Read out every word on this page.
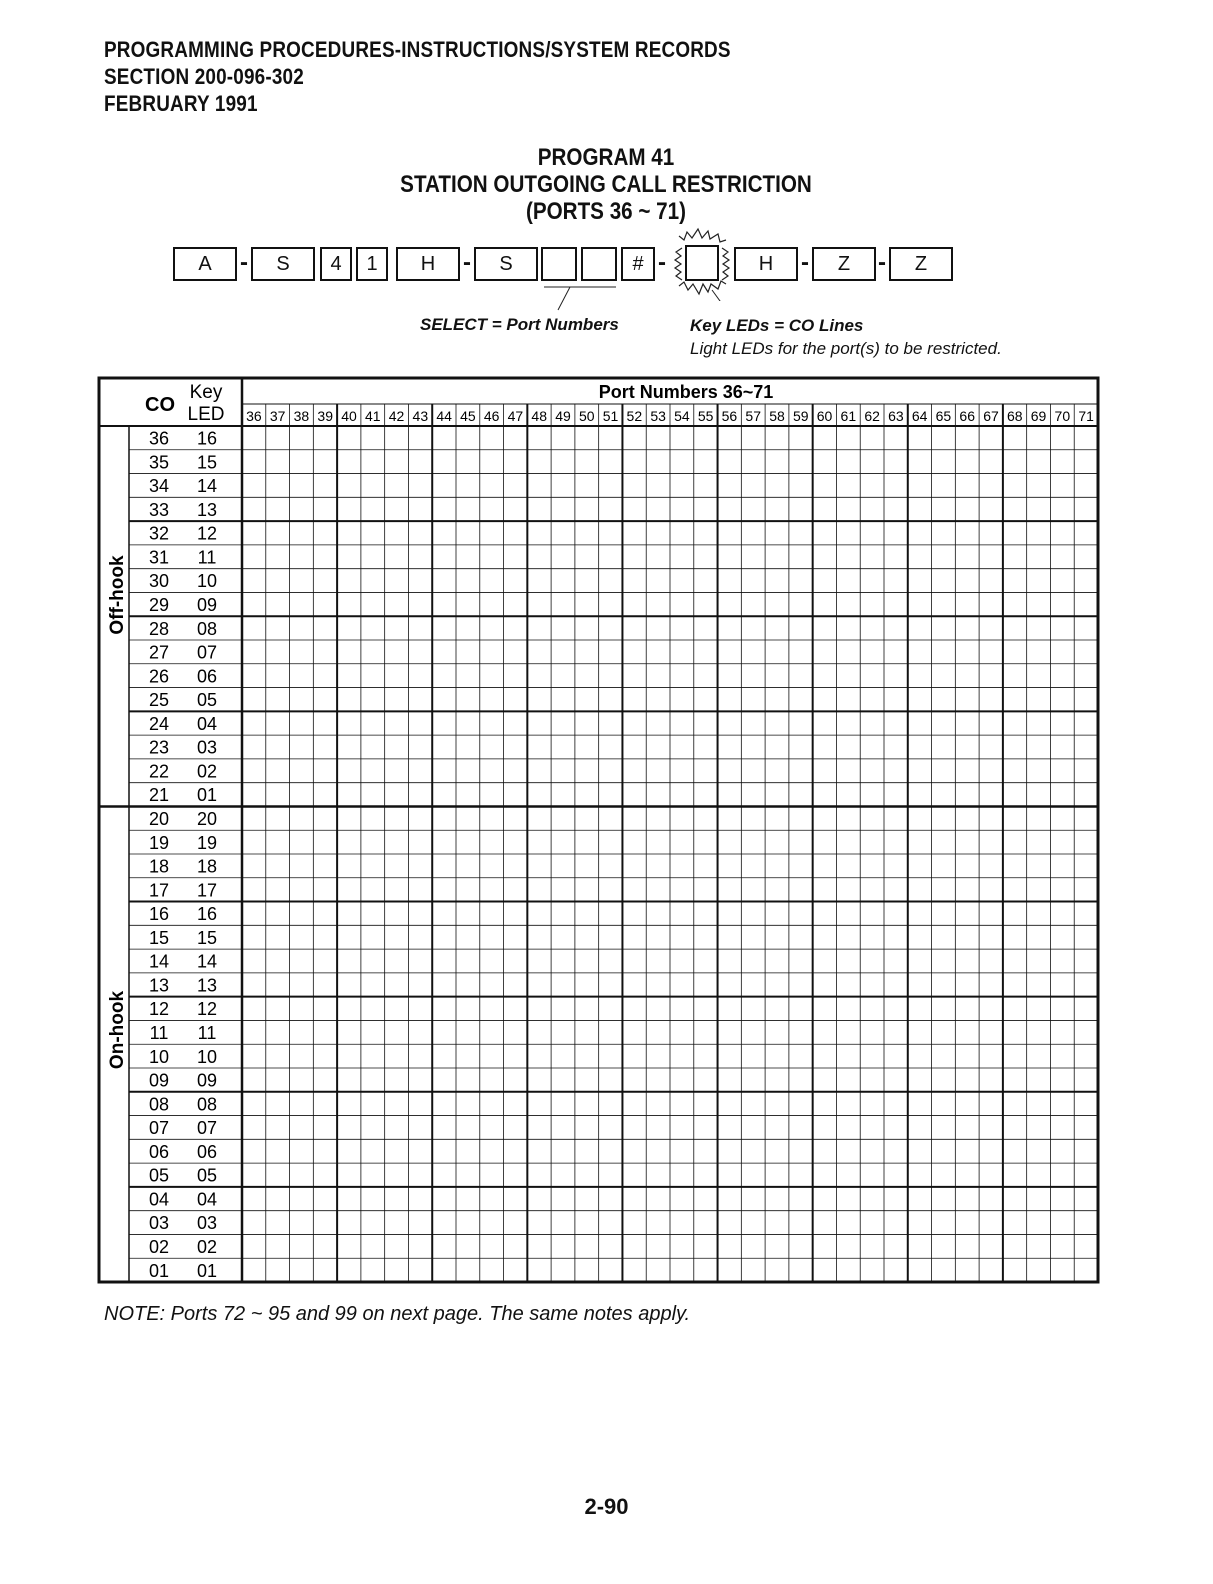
PROGRAMMING PROCEDURES-INSTRUCTIONS/SYSTEM RECORDS
SECTION 200-096-302
FEBRUARY 1991
PROGRAM 41
STATION OUTGOING CALL RESTRICTION
(PORTS 36 ~ 71)
A	-	S	4	1	H	-	S	# -	H	-	Z	-	Z
SELECT = Port Numbers	Key LEDs = CO Lines
Light LEDs for the port(s) to be restricted.
CO
Key
LED
Port Numbers 36~71
36 37 38 39 40 41 42 43 44 45 46 47 48 49 50 51 52 53 54 55 56 57 58 59 60 61 62 63 64 65 66 67 68 69 70 71
36 16
35 15
34 14
33 13
32 12
31 11
30 10
29 09
28 08
27 07
26 06
25 05
24 04
23 03
22 02
21 01
20 20
19 19
18 18
17 17
16 16
15 15
14 14
13 13
12 12
11 11
10 10
09 09
08 08
07 07
06 06
05 05
04 04
03 03
02 02
01 01
Off-hook
On-hook
NOTE: Ports 72 ~ 95 and 99 on next page. The same notes apply.
2-90
